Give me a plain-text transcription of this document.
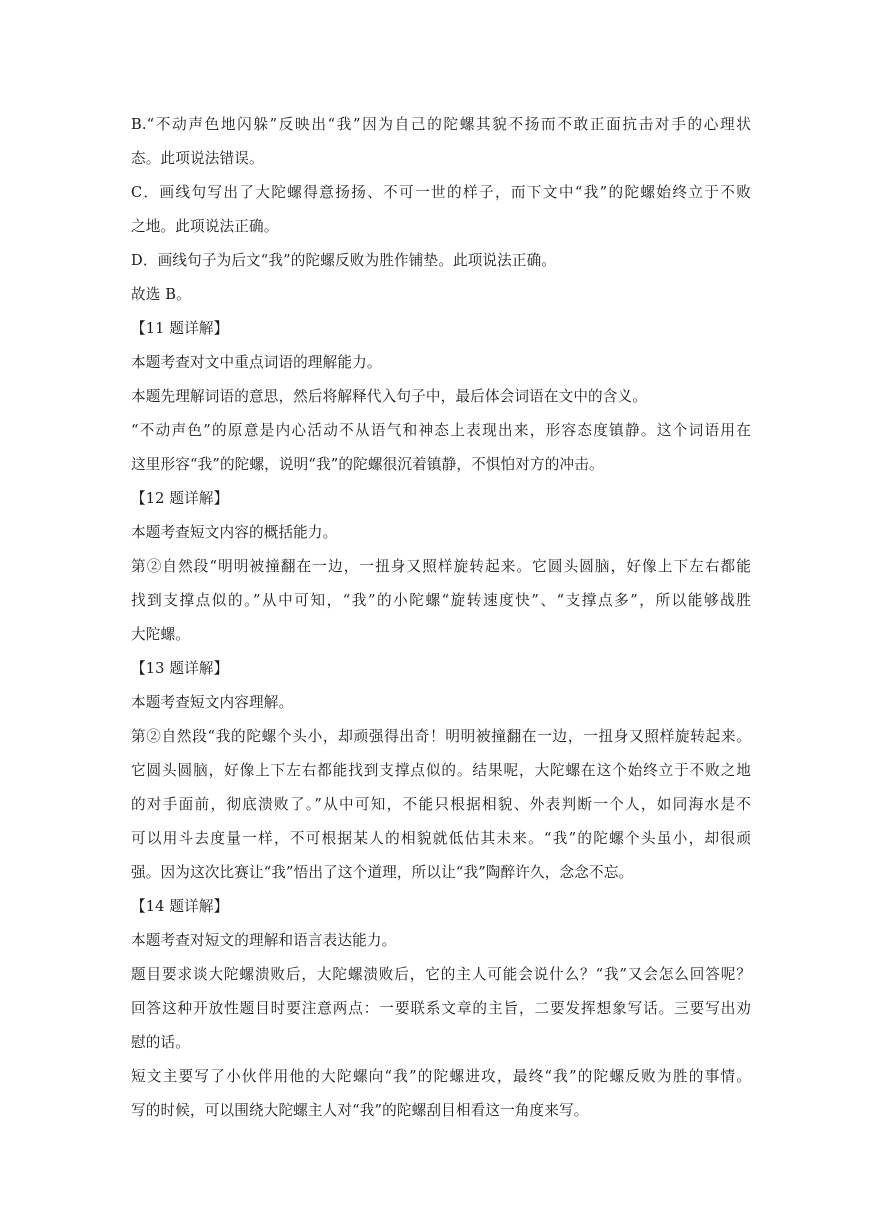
B.“不动声色地闪躲”反映出“我”因为自己的陀螺其貌不扬而不敢正面抗击对手的心理状
态。此项说法错误。
C．画线句写出了大陀螺得意扬扬、不可一世的样子，而下文中“我”的陀螺始终立于不败
之地。此项说法正确。
D．画线句子为后文“我”的陀螺反败为胜作铺垫。此项说法正确。
故选 B。
【11 题详解】
本题考查对文中重点词语的理解能力。
本题先理解词语的意思，然后将解释代入句子中，最后体会词语在文中的含义。
“不动声色”的原意是内心活动不从语气和神态上表现出来，形容态度镇静。这个词语用在
这里形容“我”的陀螺，说明“我”的陀螺很沉着镇静，不惧怕对方的冲击。
【12 题详解】
本题考查短文内容的概括能力。
第②自然段“明明被撞翻在一边，一扭身又照样旋转起来。它圆头圆脑，好像上下左右都能
找到支撑点似的。”从中可知，“我”的小陀螺“旋转速度快”、“支撑点多”，所以能够战胜
大陀螺。
【13 题详解】
本题考查短文内容理解。
第②自然段“我的陀螺个头小，却顽强得出奇！明明被撞翻在一边，一扭身又照样旋转起来。
它圆头圆脑，好像上下左右都能找到支撑点似的。结果呢，大陀螺在这个始终立于不败之地
的对手面前，彻底溃败了。”从中可知，不能只根据相貌、外表判断一个人，如同海水是不
可以用斗去度量一样，不可根据某人的相貌就低估其未来。“我”的陀螺个头虽小，却很顽
强。因为这次比赛让“我”悟出了这个道理，所以让“我”陶醉许久，念念不忘。
【14 题详解】
本题考查对短文的理解和语言表达能力。
题目要求谈大陀螺溃败后，大陀螺溃败后，它的主人可能会说什么？“我”又会怎么回答呢？
回答这种开放性题目时要注意两点：一要联系文章的主旨，二要发挥想象写话。三要写出劝
慰的话。
短文主要写了小伙伴用他的大陀螺向“我”的陀螺进攻，最终“我”的陀螺反败为胜的事情。
写的时候，可以围绕大陀螺主人对“我”的陀螺刮目相看这一角度来写。
